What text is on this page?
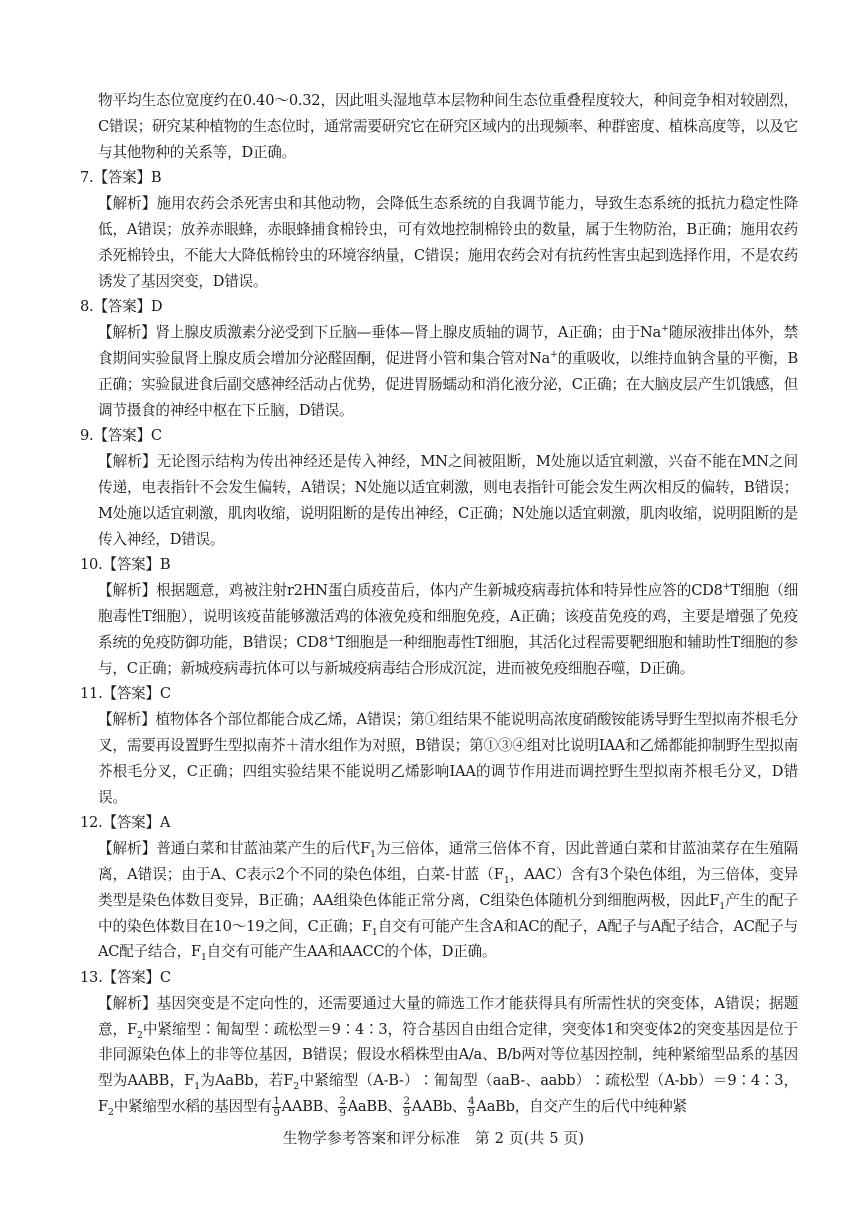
物平均生态位宽度约在0.40～0.32，因此咀头湿地草本层物种间生态位重叠程度较大，种间竞争相对较剧烈，C错误；研究某种植物的生态位时，通常需要研究它在研究区域内的出现频率、种群密度、植株高度等，以及它与其他物种的关系等，D正确。

7.【答案】B

【解析】施用农药会杀死害虫和其他动物，会降低生态系统的自我调节能力，导致生态系统的抵抗力稳定性降低，A错误；放养赤眼蜂，赤眼蜂捕食棉铃虫，可有效地控制棉铃虫的数量，属于生物防治，B正确；施用农药杀死棉铃虫，不能大大降低棉铃虫的环境容纳量，C错误；施用农药会对有抗药性害虫起到选择作用，不是农药诱发了基因突变，D错误。

8.【答案】D

【解析】肾上腺皮质激素分泌受到下丘脑—垂体—肾上腺皮质轴的调节，A正确；由于Na+随尿液排出体外，禁食期间实验鼠肾上腺皮质会增加分泌醛固酮，促进肾小管和集合管对Na+的重吸收，以维持血钠含量的平衡，B正确；实验鼠进食后副交感神经活动占优势，促进胃肠蠕动和消化液分泌，C正确；在大脑皮层产生饥饿感，但调节摄食的神经中枢在下丘脑，D错误。

9.【答案】C

【解析】无论图示结构为传出神经还是传入神经，MN之间被阻断，M处施以适宜刺激，兴奋不能在MN之间传递，电表指针不会发生偏转，A错误；N处施以适宜刺激，则电表指针可能会发生两次相反的偏转，B错误；M处施以适宜刺激，肌肉收缩，说明阻断的是传出神经，C正确；N处施以适宜刺激，肌肉收缩，说明阻断的是传入神经，D错误。

10.【答案】B

【解析】根据题意，鸡被注射r2HN蛋白质疫苗后，体内产生新城疫病毒抗体和特异性应答的CD8+T细胞（细胞毒性T细胞），说明该疫苗能够激活鸡的体液免疫和细胞免疫，A正确；该疫苗免疫的鸡，主要是增强了免疫系统的免疫防御功能，B错误；CD8+T细胞是一种细胞毒性T细胞，其活化过程需要靶细胞和辅助性T细胞的参与，C正确；新城疫病毒抗体可以与新城疫病毒结合形成沉淀，进而被免疫细胞吞噬，D正确。

11.【答案】C

【解析】植物体各个部位都能合成乙烯，A错误；第①组结果不能说明高浓度硝酸铵能诱导野生型拟南芥根毛分叉，需要再设置野生型拟南芥＋清水组作为对照，B错误；第①③④组对比说明IAA和乙烯都能抑制野生型拟南芥根毛分叉，C正确；四组实验结果不能说明乙烯影响IAA的调节作用进而调控野生型拟南芥根毛分叉，D错误。

12.【答案】A

【解析】普通白菜和甘蓝油菜产生的后代$F_1$为三倍体，通常三倍体不育，因此普通白菜和甘蓝油菜存在生殖隔离，A错误；由于A、C表示2个不同的染色体组，白菜-甘蓝（$F_1$，AAC）含有3个染色体组，为三倍体，变异类型是染色体数目变异，B正确；AA组染色体能正常分离，C组染色体随机分到细胞两极，因此$F_1$产生的配子中的染色体数目在10～19之间，C正确；$F_1$自交有可能产生含A和AC的配子，A配子与A配子结合，AC配子与AC配子结合，$F_1$自交有可能产生AA和AACC的个体，D正确。

13.【答案】C

【解析】基因突变是不定向性的，还需要通过大量的筛选工作才能获得具有所需性状的突变体，A错误；据题意，$F_2$中紧缩型∶匍匐型∶疏松型＝9∶4∶3，符合基因自由组合定律，突变体1和突变体2的突变基因是位于非同源染色体上的非等位基因，B错误；假设水稻株型由A/a、B/b两对等位基因控制，纯种紧缩型品系的基因型为AABB，$F_1$为AaBb，若$F_2$中紧缩型（A-B-）∶匍匐型（aaB-、aabb）∶疏松型（A-bb）＝9∶4∶3，$F_2$中紧缩型水稻的基因型有 $\frac{1}{9}$ AABB、 $\frac{2}{9}$ AaBB、 $\frac{2}{9}$ AABb、 $\frac{4}{9}$ AaBb，自交产生的后代中纯种紧

生物学参考答案和评分标准　第 2 页(共 5 页)
